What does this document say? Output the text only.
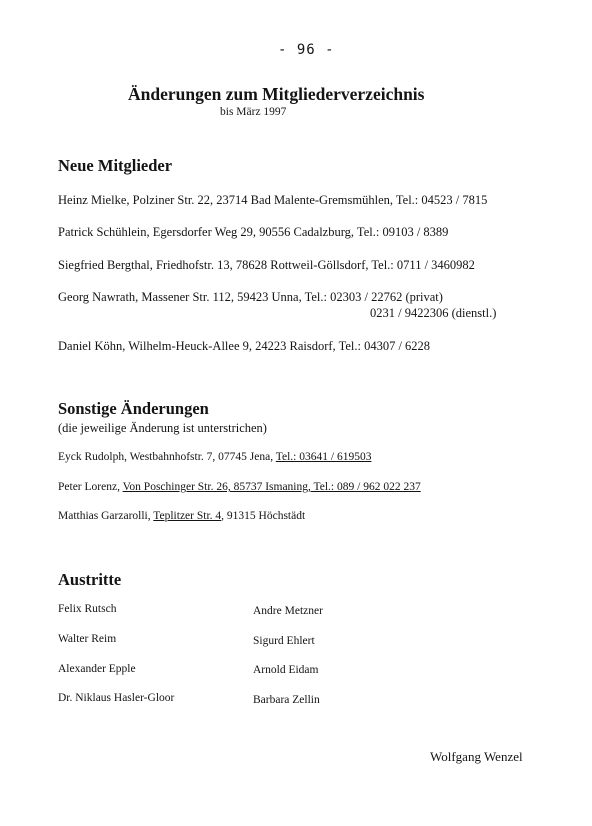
- 96 -
Änderungen zum Mitgliederverzeichnis
bis März 1997
Neue Mitglieder
Heinz Mielke, Polziner Str. 22, 23714 Bad Malente-Gremsmühlen, Tel.: 04523 / 7815
Patrick Schühlein, Egersdorfer Weg 29, 90556 Cadalzburg, Tel.: 09103 / 8389
Siegfried Bergthal, Friedhofstr. 13, 78628 Rottweil-Göllsdorf, Tel.: 0711 / 3460982
Georg Nawrath, Massener Str. 112, 59423 Unna, Tel.: 02303 / 22762 (privat)
0231 / 9422306 (dienstl.)
Daniel Köhn, Wilhelm-Heuck-Allee 9, 24223 Raisdorf, Tel.: 04307 / 6228
Sonstige Änderungen
(die jeweilige Änderung ist unterstrichen)
Eyck Rudolph, Westbahnhofstr. 7, 07745 Jena, Tel.: 03641 / 619503
Peter Lorenz, Von Poschinger Str. 26, 85737 Ismaning, Tel.: 089 / 962 022 237
Matthias Garzarolli, Teplitzer Str. 4, 91315 Höchstädt
Austritte
Felix Rutsch
Walter Reim
Alexander Epple
Dr. Niklaus Hasler-Gloor
Andre Metzner
Sigurd Ehlert
Arnold Eidam
Barbara Zellin
Wolfgang Wenzel
